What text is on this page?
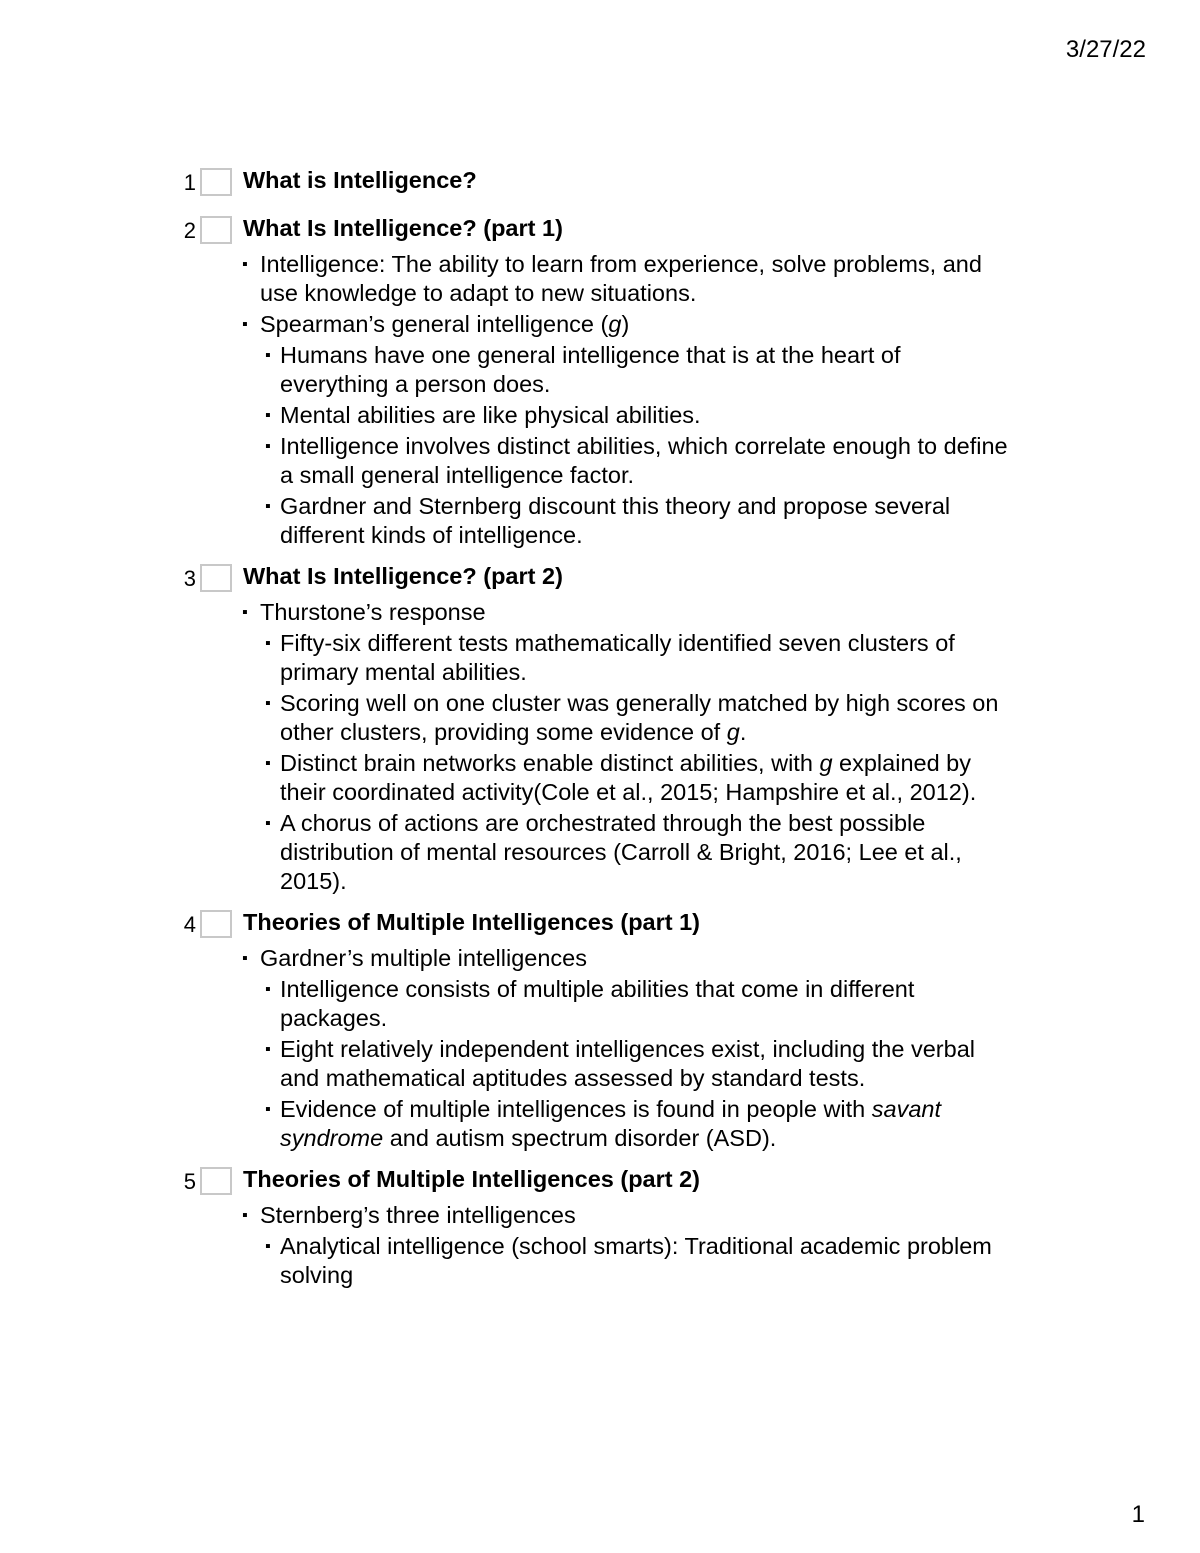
3/27/22
1 What is Intelligence?
2 What Is Intelligence? (part 1)
▪ Intelligence: The ability to learn from experience, solve problems, and use knowledge to adapt to new situations.
▪ Spearman’s general intelligence (g)
▪ Humans have one general intelligence that is at the heart of everything a person does.
▪ Mental abilities are like physical abilities.
▪ Intelligence involves distinct abilities, which correlate enough to define a small general intelligence factor.
▪ Gardner and Sternberg discount this theory and propose several different kinds of intelligence.
3 What Is Intelligence? (part 2)
▪ Thurstone’s response
▪ Fifty-six different tests mathematically identified seven clusters of primary mental abilities.
▪ Scoring well on one cluster was generally matched by high scores on other clusters, providing some evidence of g.
▪ Distinct brain networks enable distinct abilities, with g explained by their coordinated activity(Cole et al., 2015; Hampshire et al., 2012).
▪ A chorus of actions are orchestrated through the best possible distribution of mental resources (Carroll & Bright, 2016; Lee et al., 2015).
4 Theories of Multiple Intelligences (part 1)
▪ Gardner’s multiple intelligences
▪ Intelligence consists of multiple abilities that come in different packages.
▪ Eight relatively independent intelligences exist, including the verbal and mathematical aptitudes assessed by standard tests.
▪ Evidence of multiple intelligences is found in people with savant syndrome and autism spectrum disorder (ASD).
5 Theories of Multiple Intelligences (part 2)
▪ Sternberg’s three intelligences
▪ Analytical intelligence (school smarts): Traditional academic problem solving
1
